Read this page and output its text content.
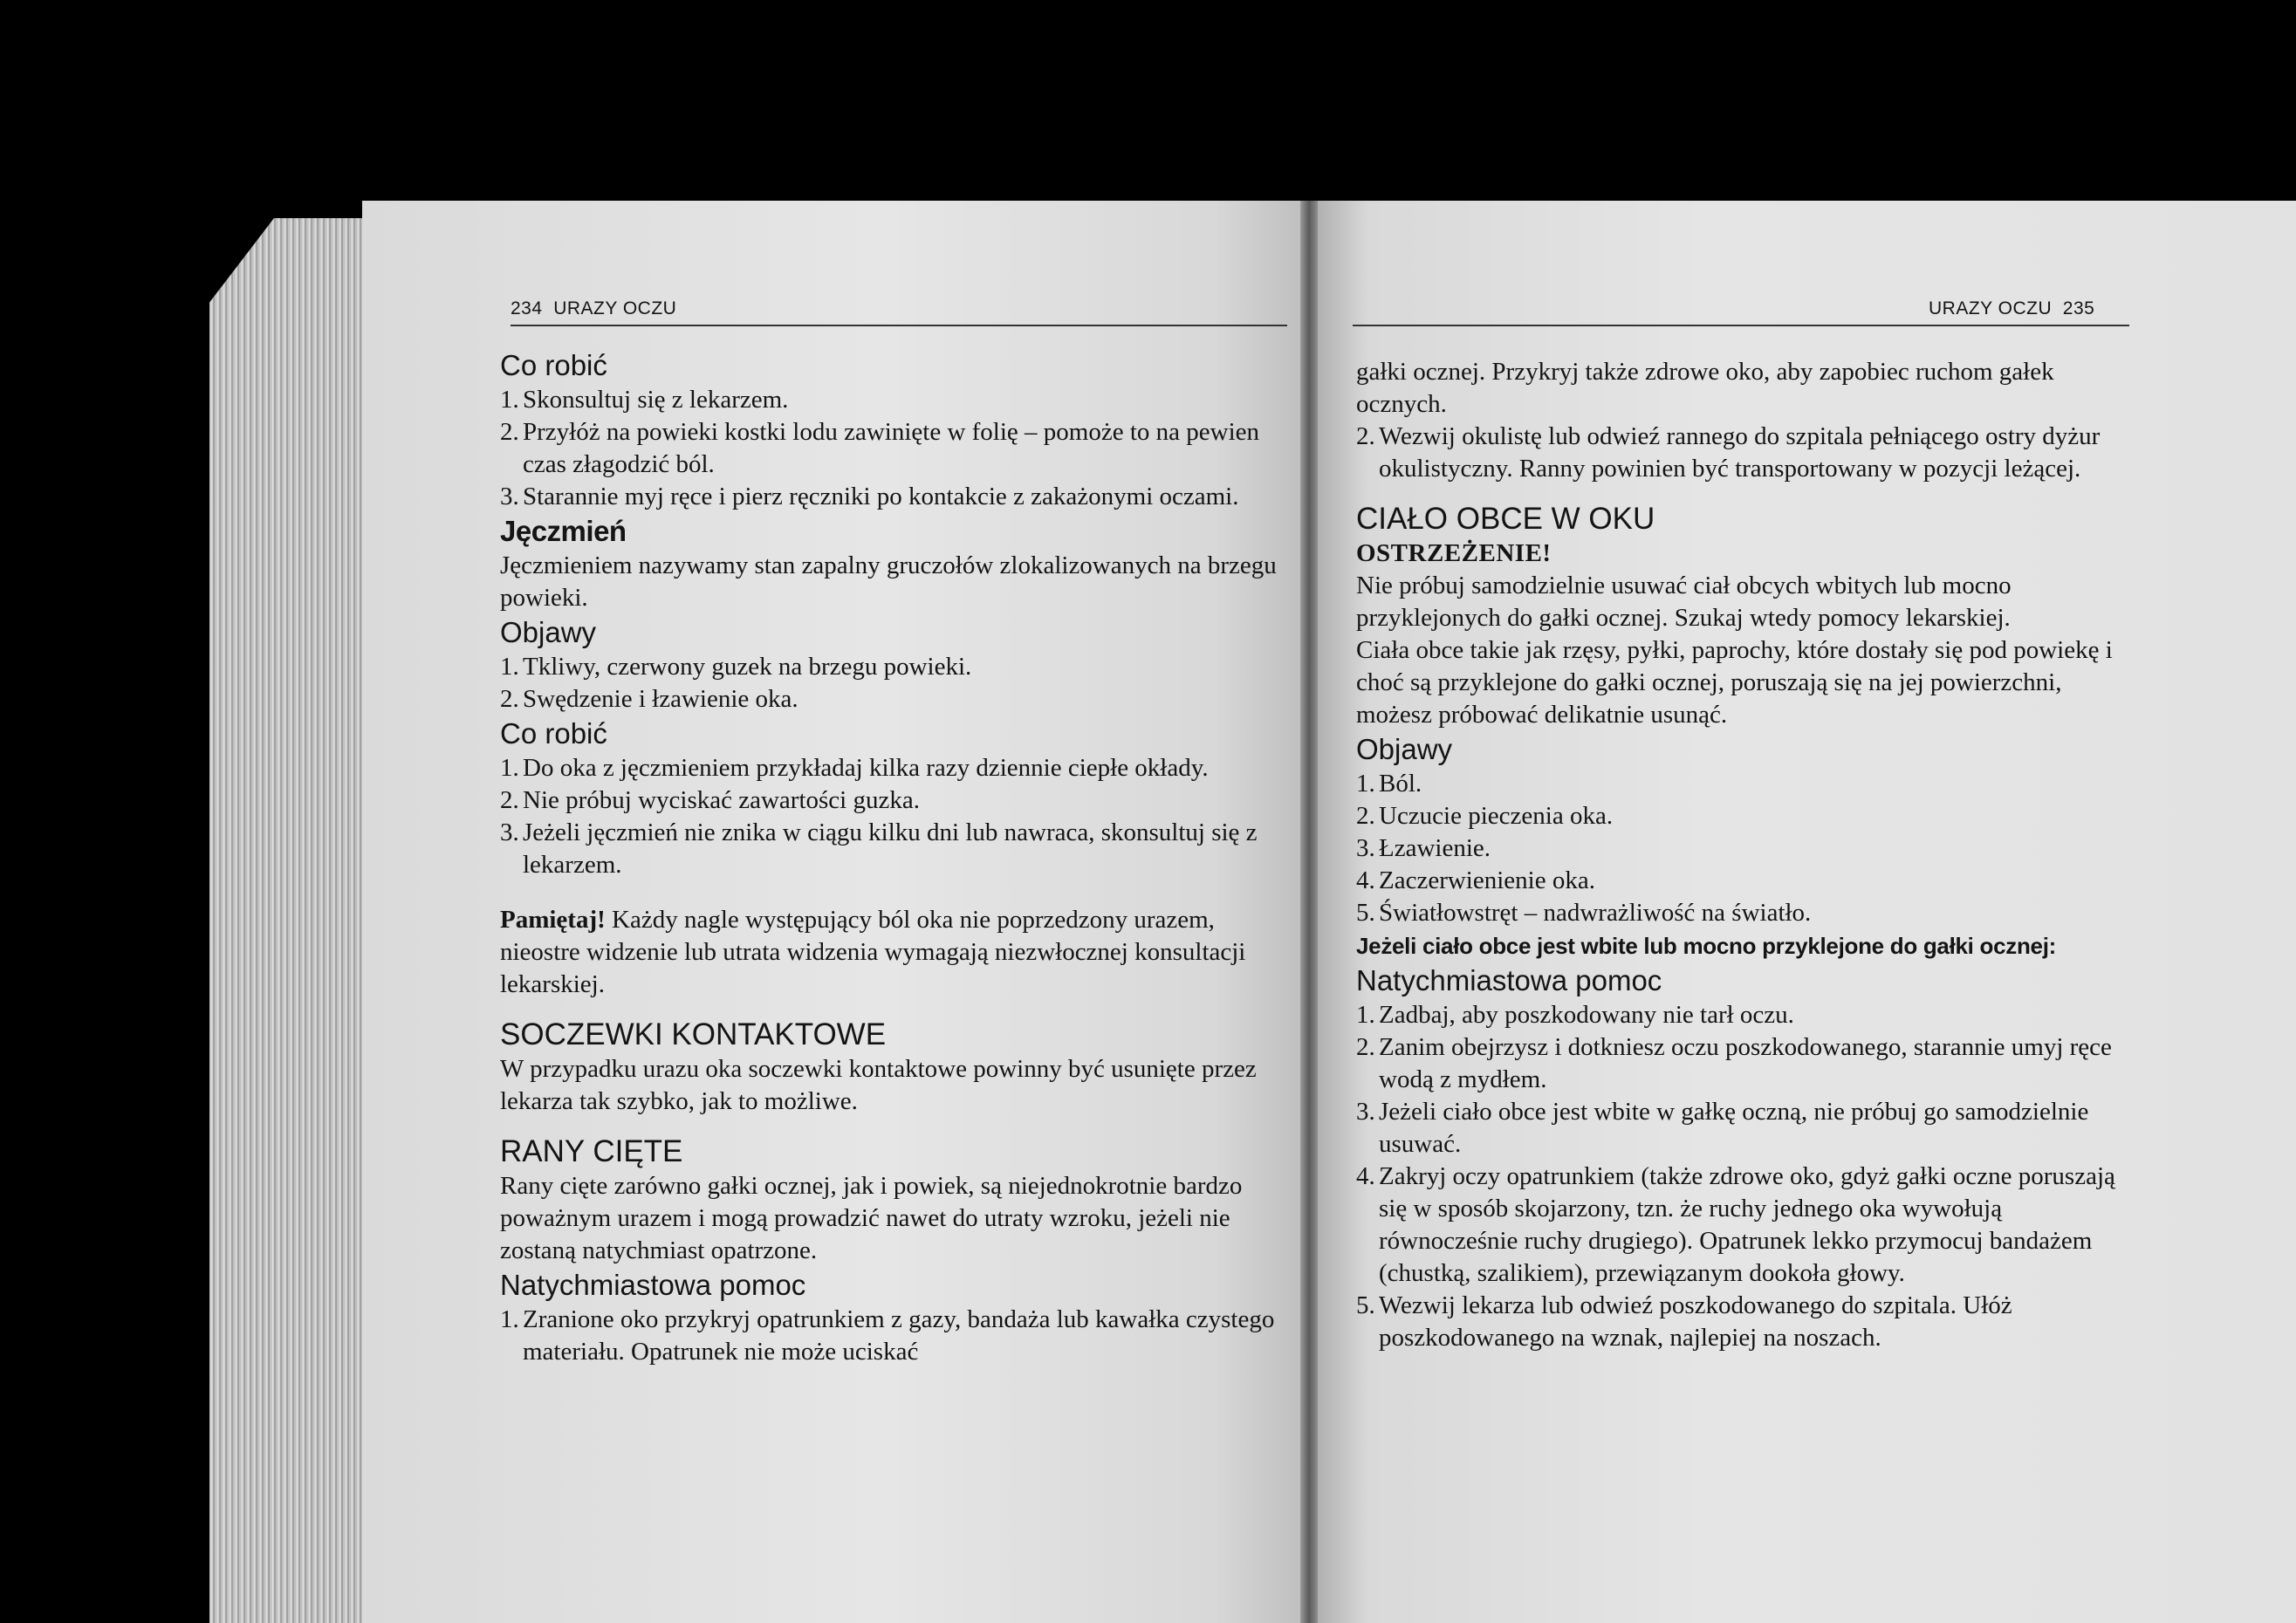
234 URAZY OCZU

Co robić

1. Skonsultuj się z lekarzem.
2. Przyłóż na powieki kostki lodu zawinięte w folię – pomoże to na pewien czas złagodzić ból.
3. Starannie myj ręce i pierz ręczniki po kontakcie z zakażonymi oczami.

Jęczmień

Jęczmieniem nazywamy stan zapalny gruczołów zlokalizowanych na brzegu powieki.

Objawy

1. Tkliwy, czerwony guzek na brzegu powieki.
2. Swędzenie i łzawienie oka.

Co robić

1. Do oka z jęczmieniem przykładaj kilka razy dziennie ciepłe okłady.
2. Nie próbuj wyciskać zawartości guzka.
3. Jeżeli jęczmień nie znika w ciągu kilku dni lub nawraca, skonsultuj się z lekarzem.

Pamiętaj! Każdy nagle występujący ból oka nie poprzedzony urazem, nieostre widzenie lub utrata widzenia wymagają niezwłocznej konsultacji lekarskiej.

SOCZEWKI KONTAKTOWE

W przypadku urazu oka soczewki kontaktowe powinny być usunięte przez lekarza tak szybko, jak to możliwe.

RANY CIĘTE

Rany cięte zarówno gałki ocznej, jak i powiek, są niejednokrotnie bardzo poważnym urazem i mogą prowadzić nawet do utraty wzroku, jeżeli nie zostaną natychmiast opatrzone.

Natychmiastowa pomoc

1. Zranione oko przykryj opatrunkiem z gazy, bandaża lub kawałka czystego materiału. Opatrunek nie może uciskać
URAZY OCZU 235

gałki ocznej. Przykryj także zdrowe oko, aby zapobiec ruchom gałek ocznych.

2. Wezwij okulistę lub odwieź rannego do szpitala pełniącego ostry dyżur okulistyczny. Ranny powinien być transportowany w pozycji leżącej.

CIAŁO OBCE W OKU

OSTRZEŻENIE!

Nie próbuj samodzielnie usuwać ciał obcych wbitych lub mocno przyklejonych do gałki ocznej. Szukaj wtedy pomocy lekarskiej.

Ciała obce takie jak rzęsy, pyłki, paprochy, które dostały się pod powiekę i choć są przyklejone do gałki ocznej, poruszają się na jej powierzchni, możesz próbować delikatnie usunąć.

Objawy

1. Ból.
2. Uczucie pieczenia oka.
3. Łzawienie.
4. Zaczerwienienie oka.
5. Światłowstręt – nadwrażliwość na światło.

Jeżeli ciało obce jest wbite lub mocno przyklejone do gałki ocznej:

Natychmiastowa pomoc

1. Zadbaj, aby poszkodowany nie tarł oczu.
2. Zanim obejrzysz i dotkniesz oczu poszkodowanego, starannie umyj ręce wodą z mydłem.
3. Jeżeli ciało obce jest wbite w gałkę oczną, nie próbuj go samodzielnie usuwać.
4. Zakryj oczy opatrunkiem (także zdrowe oko, gdyż gałki oczne poruszają się w sposób skojarzony, tzn. że ruchy jednego oka wywołują równocześnie ruchy drugiego). Opatrunek lekko przymocuj bandażem (chustką, szalikiem), przewiązanym dookoła głowy.
5. Wezwij lekarza lub odwieź poszkodowanego do szpitala. Ułóż poszkodowanego na wznak, najlepiej na noszach.
